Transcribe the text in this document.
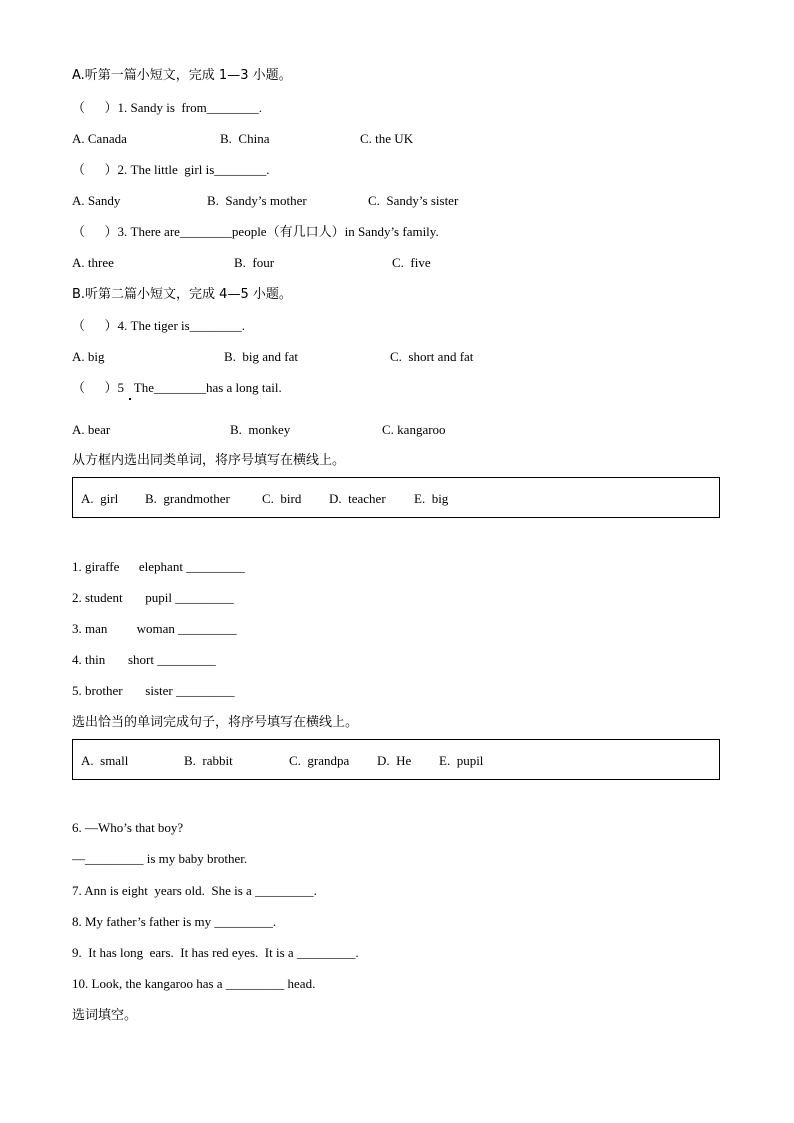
A.听第一篇小短文，完成 1—3 小题。
（      ）1. Sandy is  from________.
A. Canada	B.  China	C. the UK
（      ）2. The little  girl is________.
A. Sandy	B.  Sandy’s mother	C.  Sandy’s sister
（      ）3. There are________people（有几口人）in Sandy’s family.
A. three	B.  four	C.  five
B.听第二篇小短文，完成 4—5 小题。
（      ）4. The tiger is________.
A. big	B.  big and fat	C.  short and fat
（      ）5   The________has a long tail.
A. bear	B.  monkey	C. kangaroo
从方框内选出同类单词，将序号填写在横线上。
A.  girl B.  grandmother C.  bird D.  teacher E.  big
1. giraffe      elephant _________
2. student       pupil _________
3. man         woman _________
4. thin       short _________
5. brother       sister _________
选出恰当的单词完成句子，将序号填写在横线上。
A.  small	B.  rabbit	C.  grandpa D.  He E.  pupil
6. —Who’s that boy?
—_________ is my baby brother.
7. Ann is eight  years old.  She is a _________.
8. My father’s father is my _________.
9.  It has long  ears.  It has red eyes.  It is a _________.
10. Look, the kangaroo has a _________ head.
选词填空。
